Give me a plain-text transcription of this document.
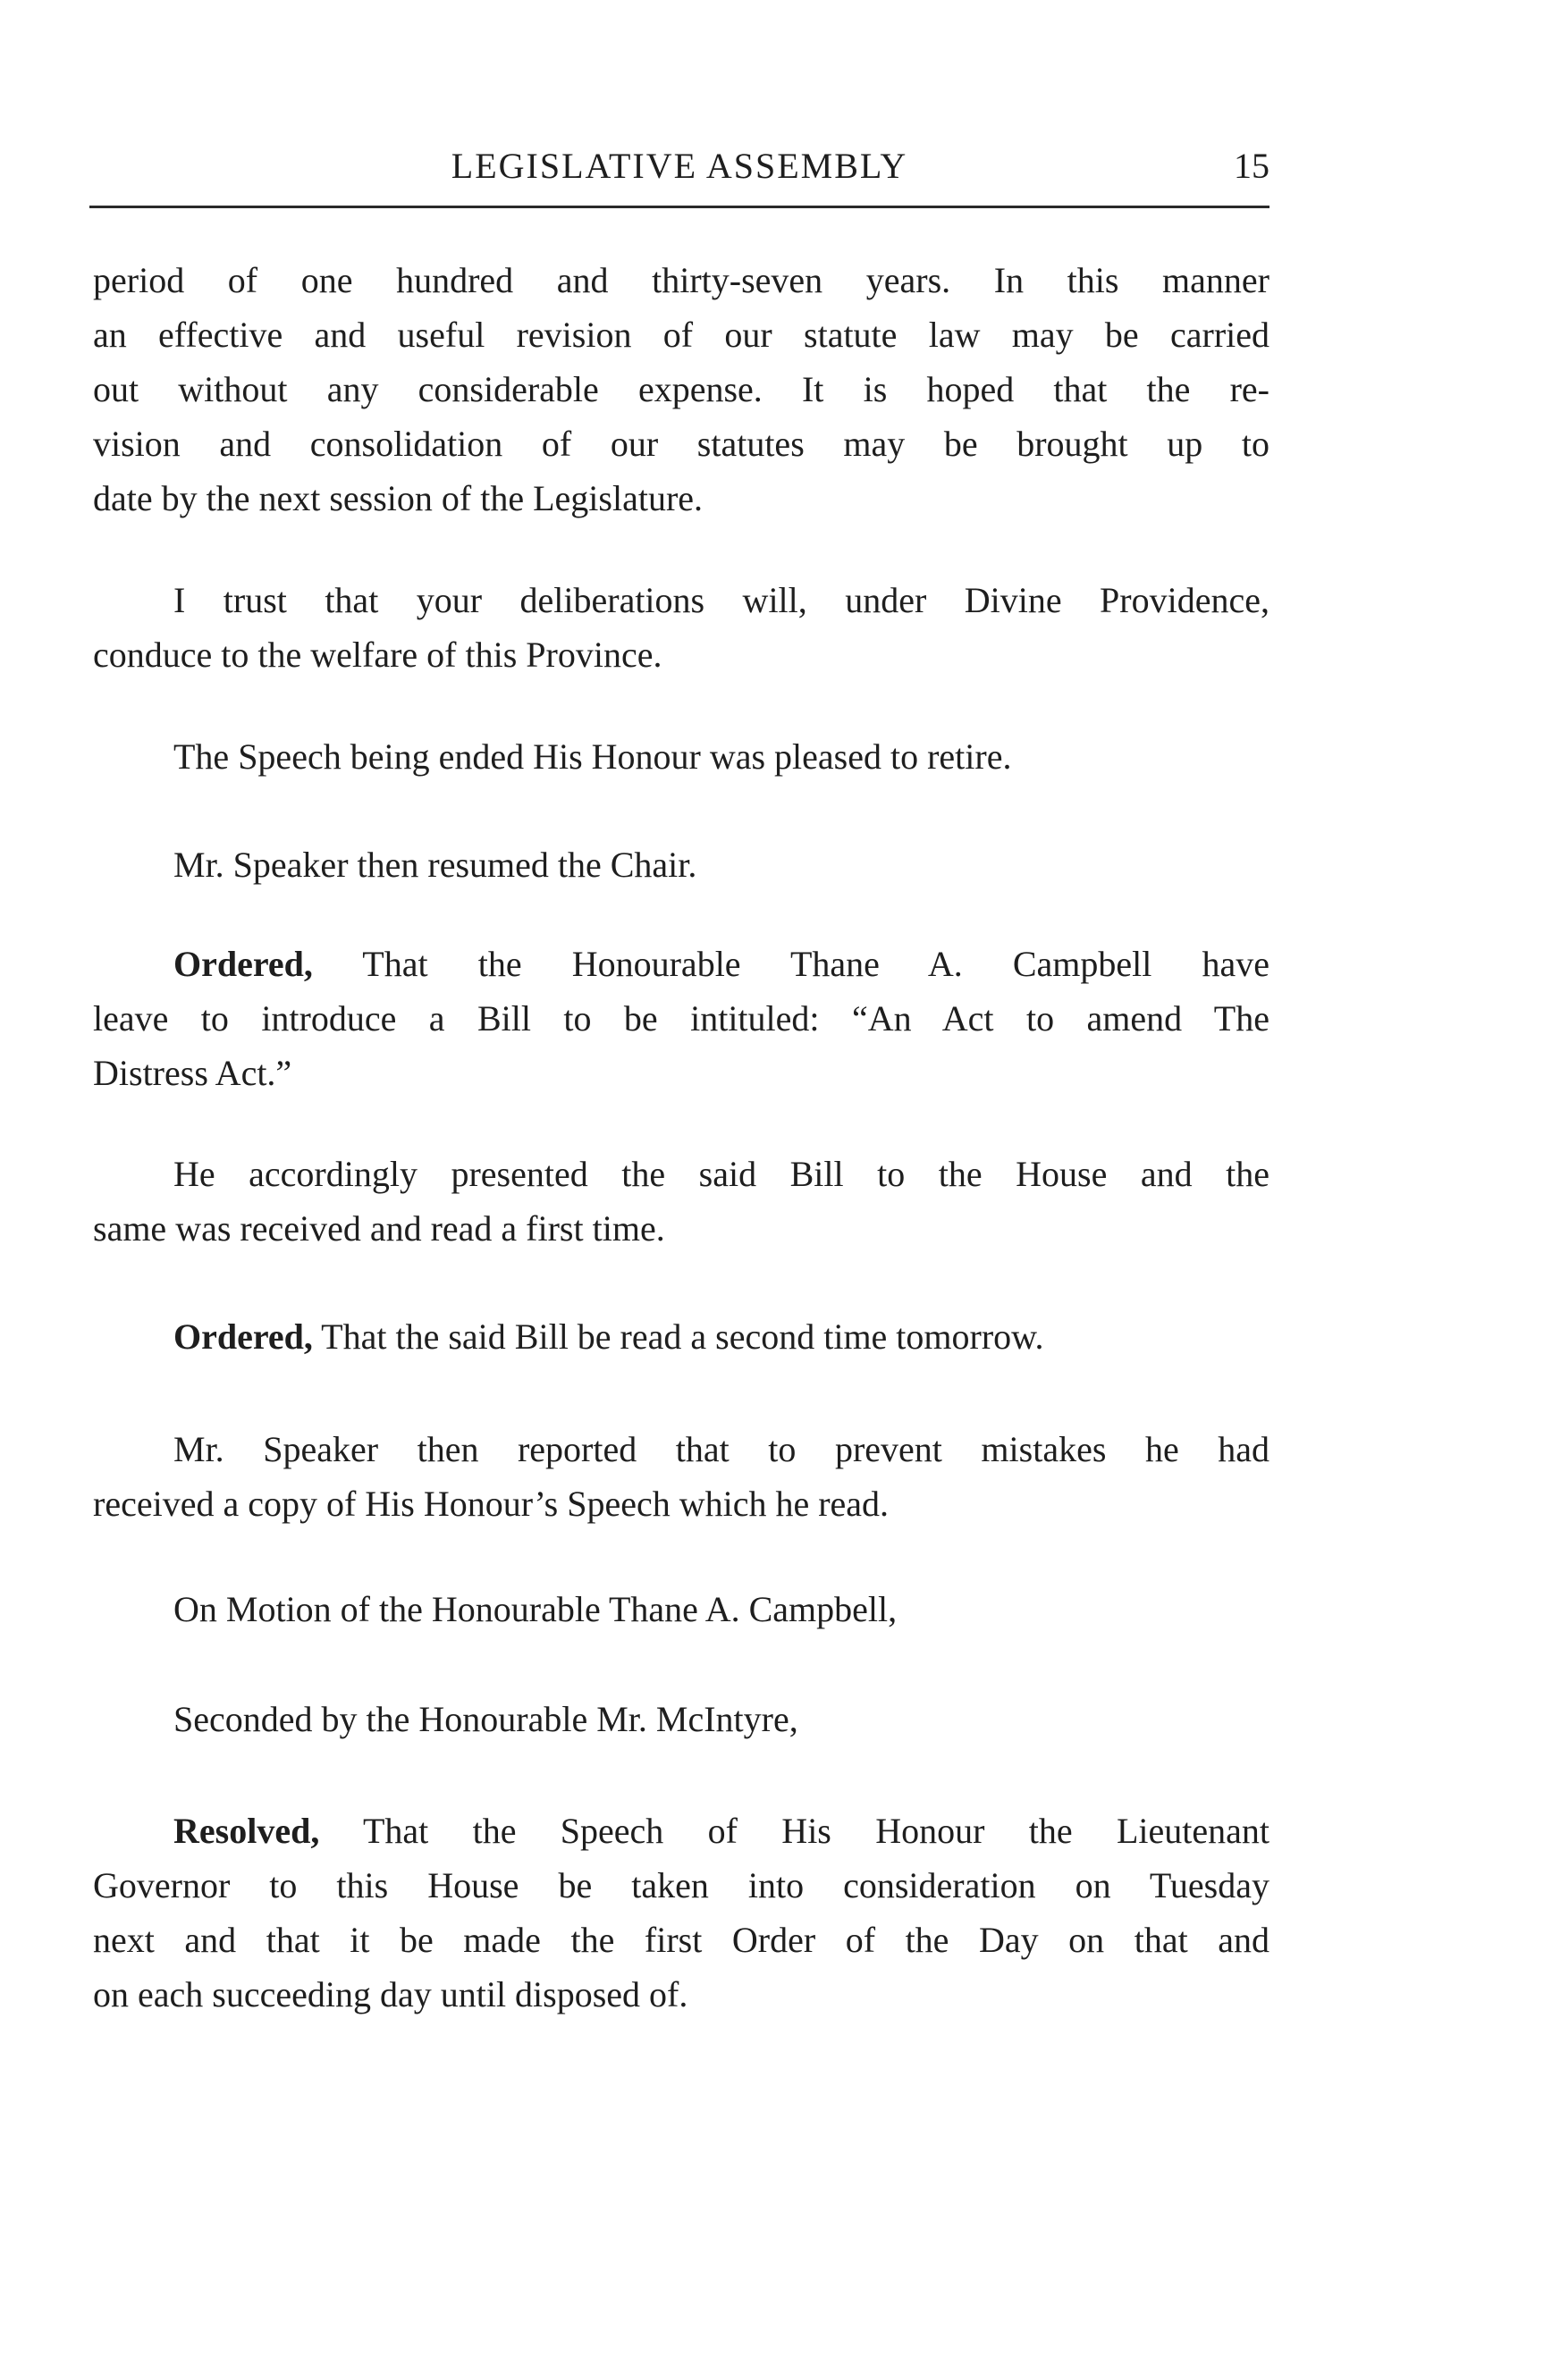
LEGISLATIVE ASSEMBLY	15

period of one hundred and thirty-seven years. In this manner
an effective and useful revision of our statute law may be carried
out without any considerable expense. It is hoped that the re-
vision and consolidation of our statutes may be brought up to
date by the next session of the Legislature.

I trust that your deliberations will, under Divine Providence,
conduce to the welfare of this Province.

The Speech being ended His Honour was pleased to retire.

Mr. Speaker then resumed the Chair.

Ordered, That the Honourable Thane A. Campbell have
leave to introduce a Bill to be intituled: “An Act to amend The
Distress Act.”

He accordingly presented the said Bill to the House and the
same was received and read a first time.

Ordered, That the said Bill be read a second time tomorrow.

Mr. Speaker then reported that to prevent mistakes he had
received a copy of His Honour’s Speech which he read.

On Motion of the Honourable Thane A. Campbell,

Seconded by the Honourable Mr. McIntyre,

Resolved, That the Speech of His Honour the Lieutenant
Governor to this House be taken into consideration on Tuesday
next and that it be made the first Order of the Day on that and
on each succeeding day until disposed of.
